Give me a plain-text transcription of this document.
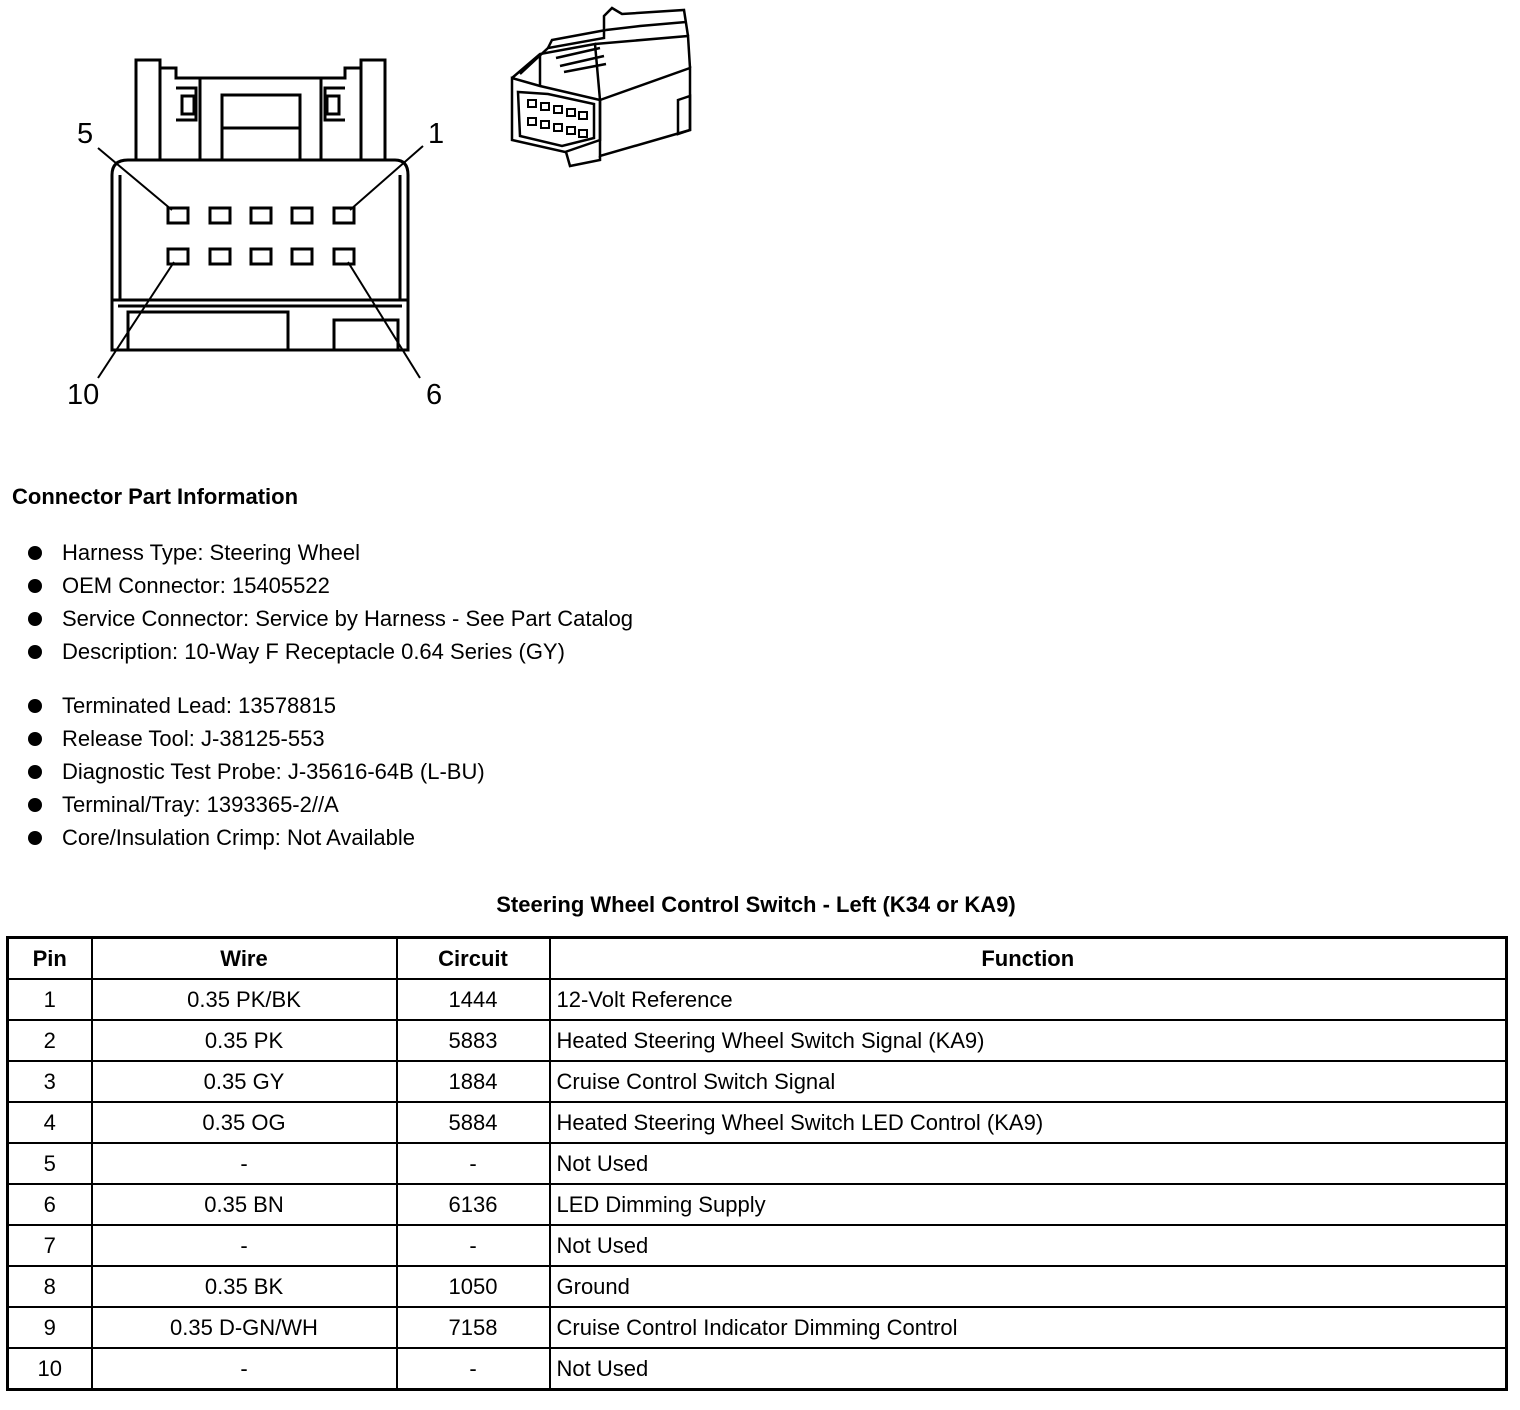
5	1
10	6
Connector Part Information
Harness Type: Steering Wheel
OEM Connector: 15405522
Service Connector: Service by Harness - See Part Catalog
Description: 10-Way F Receptacle 0.64 Series (GY)
Terminated Lead: 13578815
Release Tool: J-38125-553
Diagnostic Test Probe: J-35616-64B (L-BU)
Terminal/Tray: 1393365-2//A
Core/Insulation Crimp: Not Available
Steering Wheel Control Switch - Left (K34 or KA9)
Pin	Wire	Circuit	Function
1	0.35 PK/BK	1444	12-Volt Reference
2	0.35 PK	5883	Heated Steering Wheel Switch Signal (KA9)
3	0.35 GY	1884	Cruise Control Switch Signal
4	0.35 OG	5884	Heated Steering Wheel Switch LED Control (KA9)
5	-	-	Not Used
6	0.35 BN	6136	LED Dimming Supply
7	-	-	Not Used
8	0.35 BK	1050	Ground
9	0.35 D-GN/WH	7158	Cruise Control Indicator Dimming Control
10	-	-	Not Used
